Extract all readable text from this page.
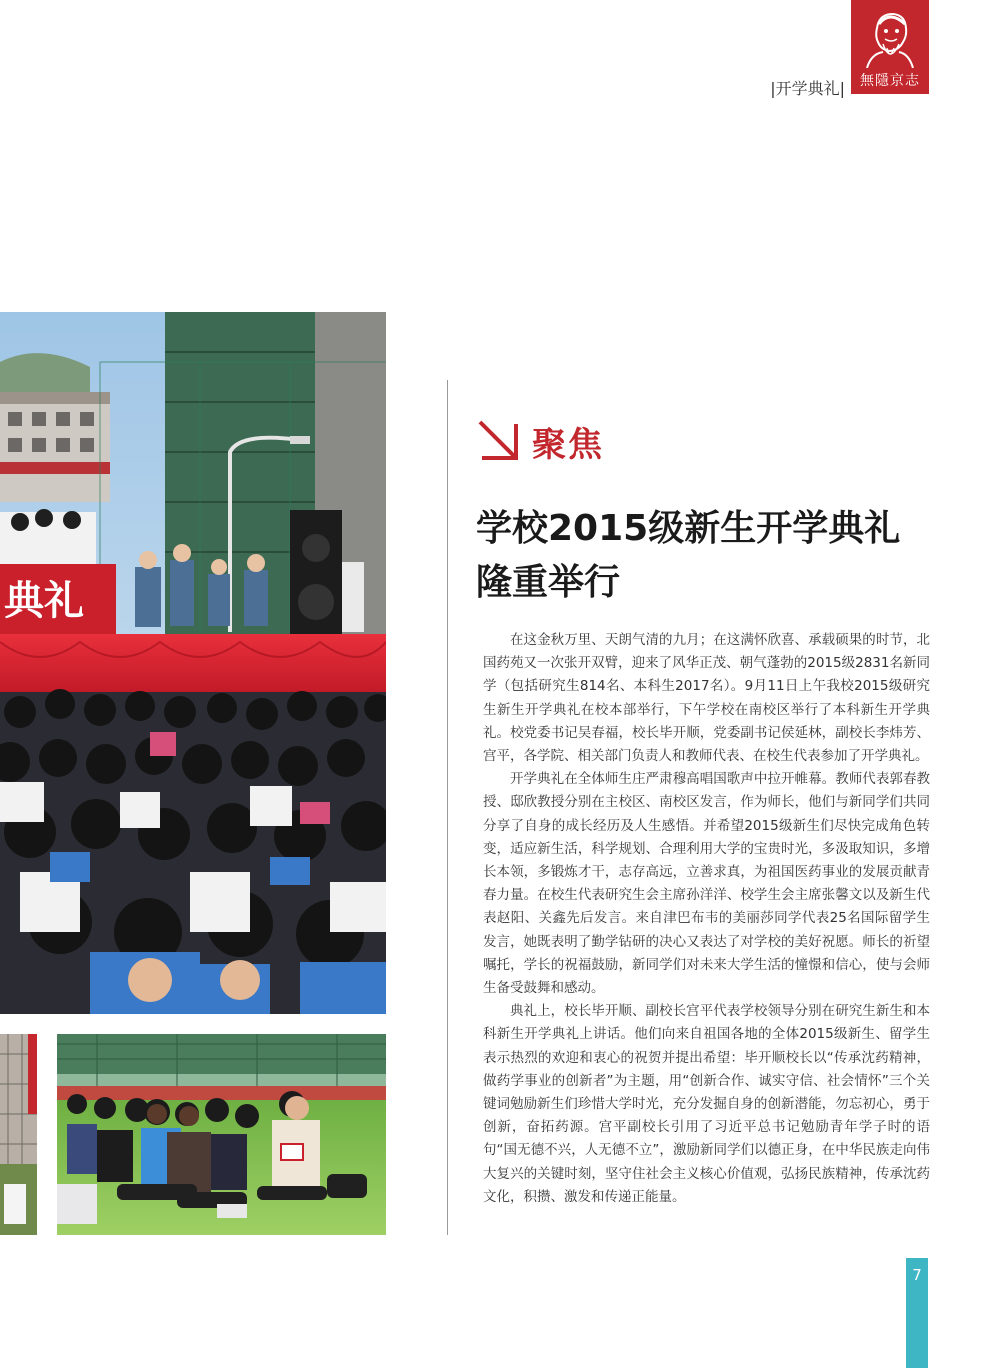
無隱京志
|开学典礼|
典礼
聚焦
学校2015级新生开学典礼
隆重举行

在这金秋万里、天朗气清的九月；在这满怀欣喜、承载硕果的时节，北国药苑又一次张开双臂，迎来了风华正茂、朝气蓬勃的2015级2831名新同学（包括研究生814名、本科生2017名）。9月11日上午我校2015级研究生新生开学典礼在校本部举行，下午学校在南校区举行了本科新生开学典礼。校党委书记吴春福，校长毕开顺，党委副书记侯延林，副校长李炜芳、宫平，各学院、相关部门负责人和教师代表、在校生代表参加了开学典礼。

开学典礼在全体师生庄严肃穆高唱国歌声中拉开帷幕。教师代表郭春教授、邸欣教授分别在主校区、南校区发言，作为师长，他们与新同学们共同分享了自身的成长经历及人生感悟。并希望2015级新生们尽快完成角色转变，适应新生活，科学规划、合理利用大学的宝贵时光，多汲取知识，多增长本领，多锻炼才干，志存高远，立善求真，为祖国医药事业的发展贡献青春力量。在校生代表研究生会主席孙洋洋、校学生会主席张馨文以及新生代表赵阳、关鑫先后发言。来自津巴布韦的美丽莎同学代表25名国际留学生发言，她既表明了勤学钻研的决心又表达了对学校的美好祝愿。师长的祈望嘱托，学长的祝福鼓励，新同学们对未来大学生活的憧憬和信心，使与会师生备受鼓舞和感动。

典礼上，校长毕开顺、副校长宫平代表学校领导分别在研究生新生和本科新生开学典礼上讲话。他们向来自祖国各地的全体2015级新生、留学生表示热烈的欢迎和衷心的祝贺并提出希望：毕开顺校长以“传承沈药精神，做药学事业的创新者”为主题，用“创新合作、诚实守信、社会情怀”三个关键词勉励新生们珍惜大学时光，充分发掘自身的创新潜能，勿忘初心，勇于创新，奋拓药源。宫平副校长引用了习近平总书记勉励青年学子时的语句“国无德不兴，人无德不立”，激励新同学们以德正身，在中华民族走向伟大复兴的关键时刻，坚守住社会主义核心价值观，弘扬民族精神，传承沈药文化，积攒、激发和传递正能量。

7
